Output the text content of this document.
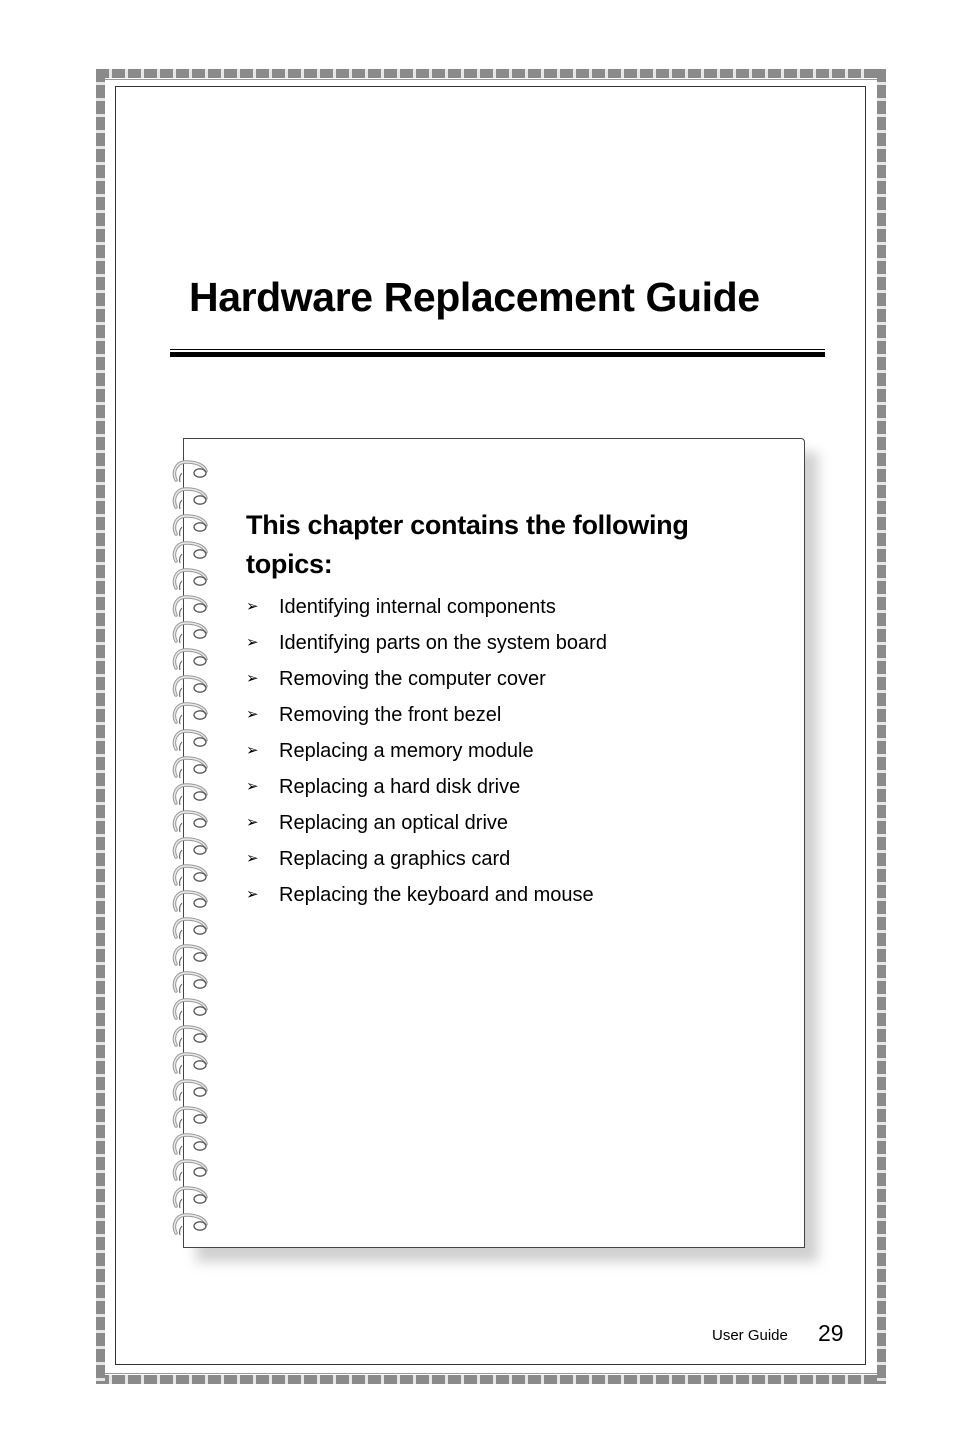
Hardware Replacement Guide
This chapter contains the following topics:
➢ Identifying internal components
➢ Identifying parts on the system board
➢ Removing the computer cover
➢ Removing the front bezel
➢ Replacing a memory module
➢ Replacing a hard disk drive
➢ Replacing an optical drive
➢ Replacing a graphics card
➢ Replacing the keyboard and mouse
User Guide 29
